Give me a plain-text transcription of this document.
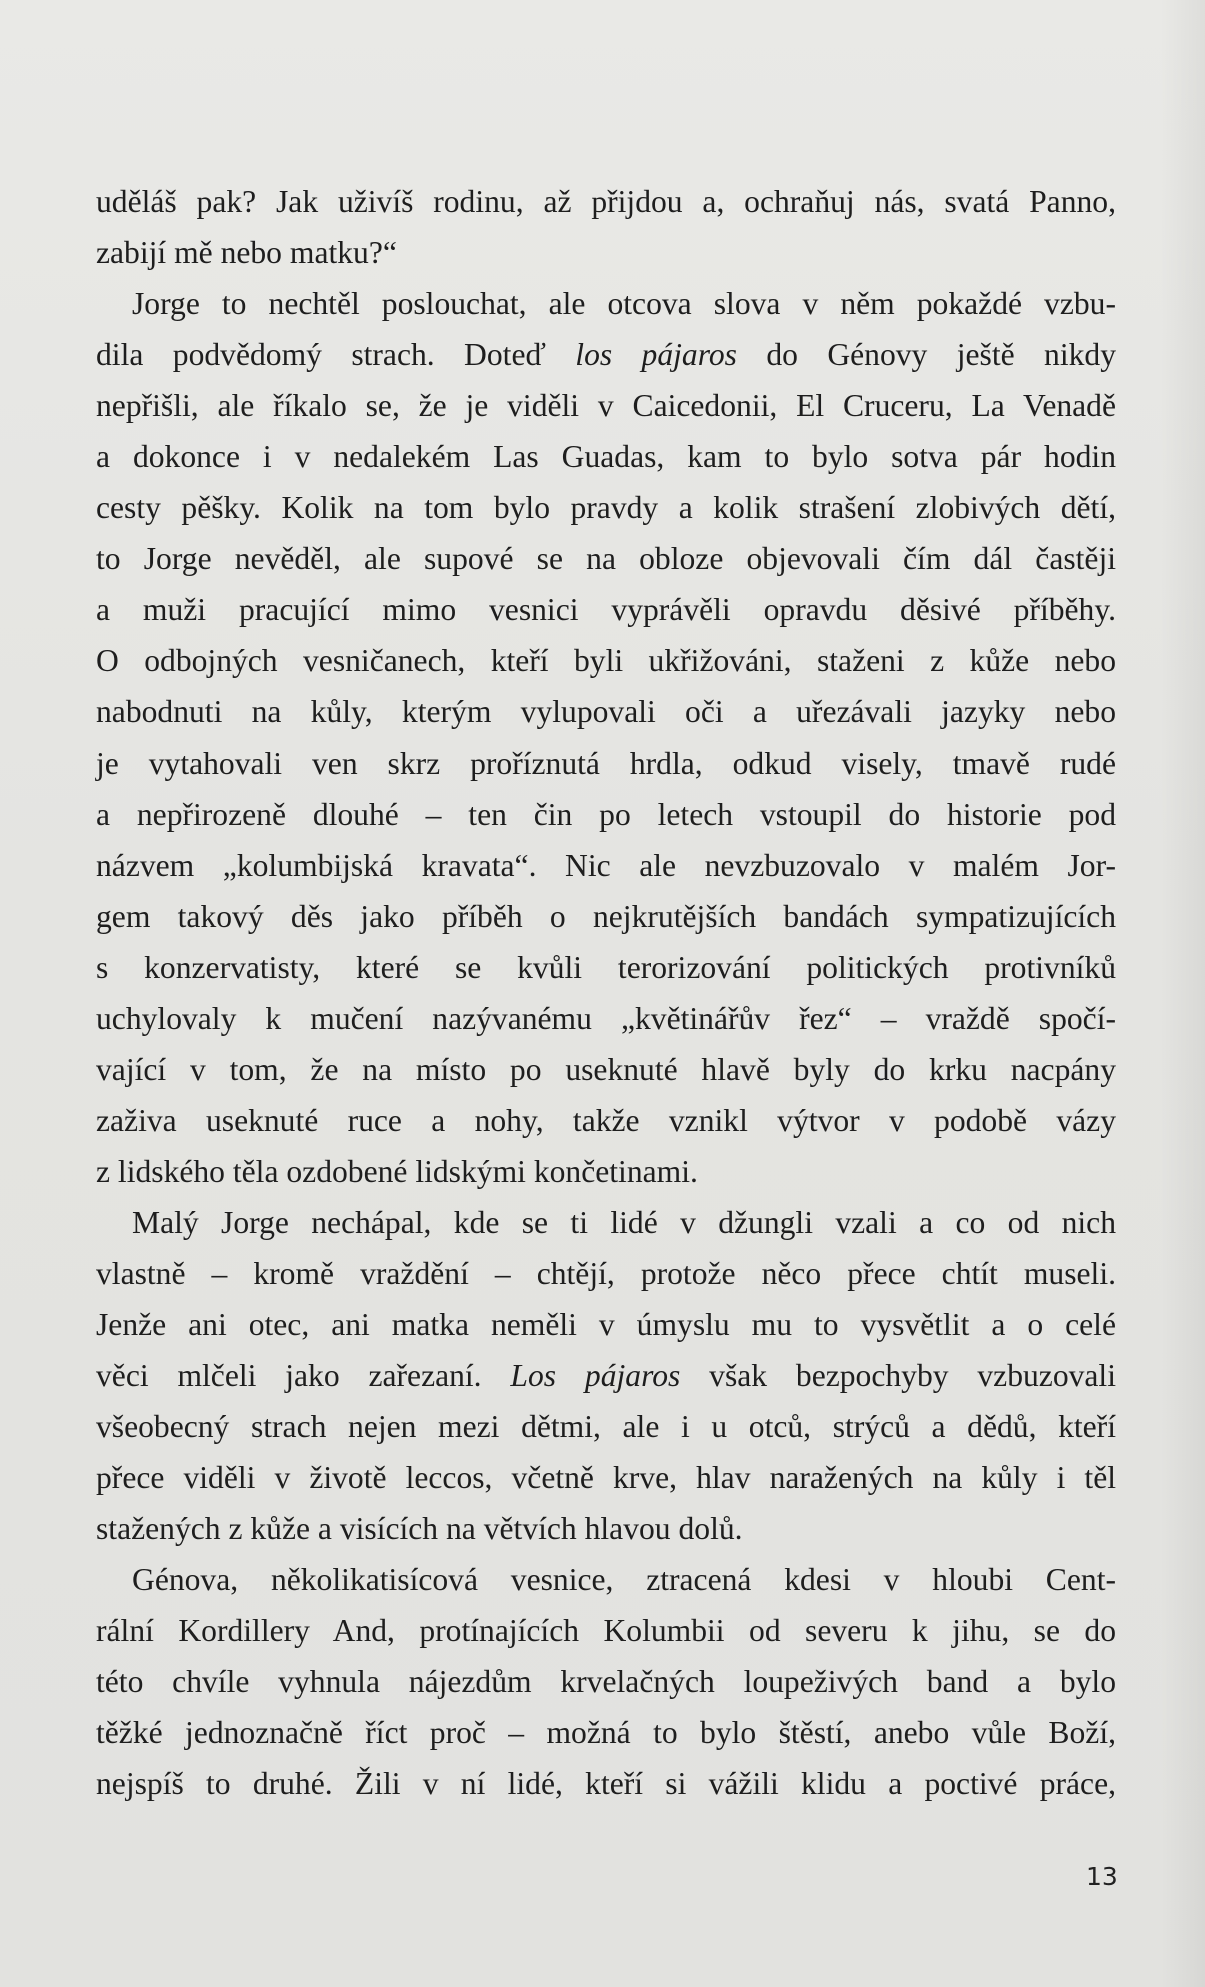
uděláš pak? Jak uživíš rodinu, až přijdou a, ochraňuj nás, svatá Panno,
zabijí mě nebo matku?“
Jorge to nechtěl poslouchat, ale otcova slova v něm pokaždé vzbu-
dila podvědomý strach. Doteď los pájaros do Génovy ještě nikdy
nepřišli, ale říkalo se, že je viděli v Caicedonii, El Cruceru, La Venadě
a dokonce i v nedalekém Las Guadas, kam to bylo sotva pár hodin
cesty pěšky. Kolik na tom bylo pravdy a kolik strašení zlobivých dětí,
to Jorge nevěděl, ale supové se na obloze objevovali čím dál častěji
a muži pracující mimo vesnici vyprávěli opravdu děsivé příběhy.
O odbojných vesničanech, kteří byli ukřižováni, staženi z kůže nebo
nabodnuti na kůly, kterým vylupovali oči a uřezávali jazyky nebo
je vytahovali ven skrz proříznutá hrdla, odkud visely, tmavě rudé
a nepřirozeně dlouhé – ten čin po letech vstoupil do historie pod
názvem „kolumbijská kravata“. Nic ale nevzbuzovalo v malém Jor-
gem takový děs jako příběh o nejkrutějších bandách sympatizujících
s konzervatisty, které se kvůli terorizování politických protivníků
uchylovaly k mučení nazývanému „květinářův řez“ – vraždě spočí-
vající v tom, že na místo po useknuté hlavě byly do krku nacpány
zaživa useknuté ruce a nohy, takže vznikl výtvor v podobě vázy
z lidského těla ozdobené lidskými končetinami.
Malý Jorge nechápal, kde se ti lidé v džungli vzali a co od nich
vlastně – kromě vraždění – chtějí, protože něco přece chtít museli.
Jenže ani otec, ani matka neměli v úmyslu mu to vysvětlit a o celé
věci mlčeli jako zařezaní. Los pájaros však bezpochyby vzbuzovali
všeobecný strach nejen mezi dětmi, ale i u otců, strýců a dědů, kteří
přece viděli v životě leccos, včetně krve, hlav naražených na kůly i těl
stažených z kůže a visících na větvích hlavou dolů.
Génova, několikatisícová vesnice, ztracená kdesi v hloubi Cent-
rální Kordillery And, protínajících Kolumbii od severu k jihu, se do
této chvíle vyhnula nájezdům krvelačných loupeživých band a bylo
těžké jednoznačně říct proč – možná to bylo štěstí, anebo vůle Boží,
nejspíš to druhé. Žili v ní lidé, kteří si vážili klidu a poctivé práce,
13
